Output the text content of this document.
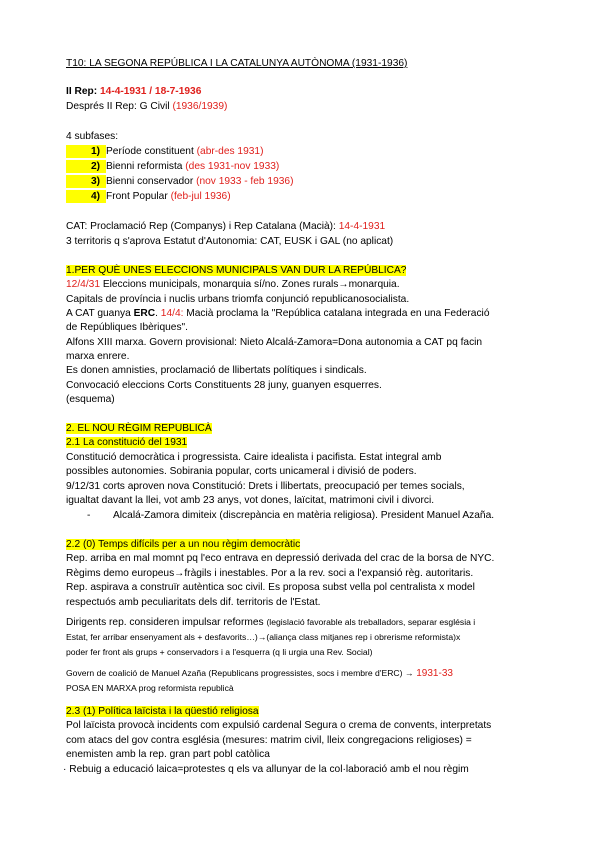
T10: LA SEGONA REPÚBLICA I LA CATALUNYA AUTÒNOMA (1931-1936)
II Rep: 14-4-1931 / 18-7-1936
Després II Rep: G Civil (1936/1939)
4 subfases:
1) Període constituent (abr-des 1931)
2) Bienni reformista (des 1931-nov 1933)
3) Bienni conservador (nov 1933 - feb 1936)
4) Front Popular (feb-jul 1936)
CAT: Proclamació Rep (Companys) i Rep Catalana (Macià): 14-4-1931
3 territoris q s'aprova Estatut d'Autonomia: CAT, EUSK i GAL (no aplicat)
1.PER QUÈ UNES ELECCIONS MUNICIPALS VAN DUR LA REPÚBLICA?
12/4/31 Eleccions municipals, monarquia sí/no. Zones rurals→monarquia.
Capitals de província i nuclis urbans triomfa conjunció republicanosocialista.
A CAT guanya ERC. 14/4: Macià proclama la "República catalana integrada en una Federació
de Repúbliques Ibèriques".
Alfons XIII marxa. Govern provisional: Nieto Alcalá-Zamora=Dona autonomia a CAT pq facin
marxa enrere.
Es donen amnisties, proclamació de llibertats polítiques i sindicals.
Convocació eleccions Corts Constituents 28 juny, guanyen esquerres.
(esquema)
2. EL NOU RÈGIM REPUBLICÀ
2.1 La constitució del 1931
Constitució democràtica i progressista. Caire idealista i pacifista. Estat integral amb
possibles autonomies. Sobirania popular, corts unicameral i divisió de poders.
9/12/31 corts aproven nova Constitució: Drets i llibertats, preocupació per temes socials,
igualtat davant la llei, vot amb 23 anys, vot dones, laïcitat, matrimoni civil i divorci.
- Alcalá-Zamora dimiteix (discrepància en matèria religiosa). President Manuel Azaña.
2.2 (0) Temps difícils per a un nou règim democràtic
Rep. arriba en mal momnt pq l'eco entrava en depressió derivada del crac de la borsa de NYC.
Règims demo europeus→fràgils i inestables. Por a la rev. soci a l'expansió règ. autoritaris.
Rep. aspirava a construïr autèntica soc civil. Es proposa subst vella pol centralista x model
respectuós amb peculiaritats dels dif. territoris de l'Estat.
Dirigents rep. consideren impulsar reformes (legislació favorable als treballadors, separar església i
Estat, fer arribar ensenyament als + desfavorits…)→(aliança class mitjanes rep i obrerisme reformista)x
poder fer front als grups + conservadors i a l'esquerra (q li urgia una Rev. Social)
Govern de coalició de Manuel Azaña (Republicans progressistes, socs i membre d'ERC) → 1931-33
POSA EN MARXA prog reformista republicà
2.3 (1) Política laïcista i la qüestió religiosa
Pol laïcista provocà incidents com expulsió cardenal Segura o crema de convents, interpretats
com atacs del gov contra església (mesures: matrim civil, lleix congregacions religioses) =
enemisten amb la rep. gran part pobl catòlica
· Rebuig a educació laica=protestes q els va allunyar de la col·laboració amb el nou règim
